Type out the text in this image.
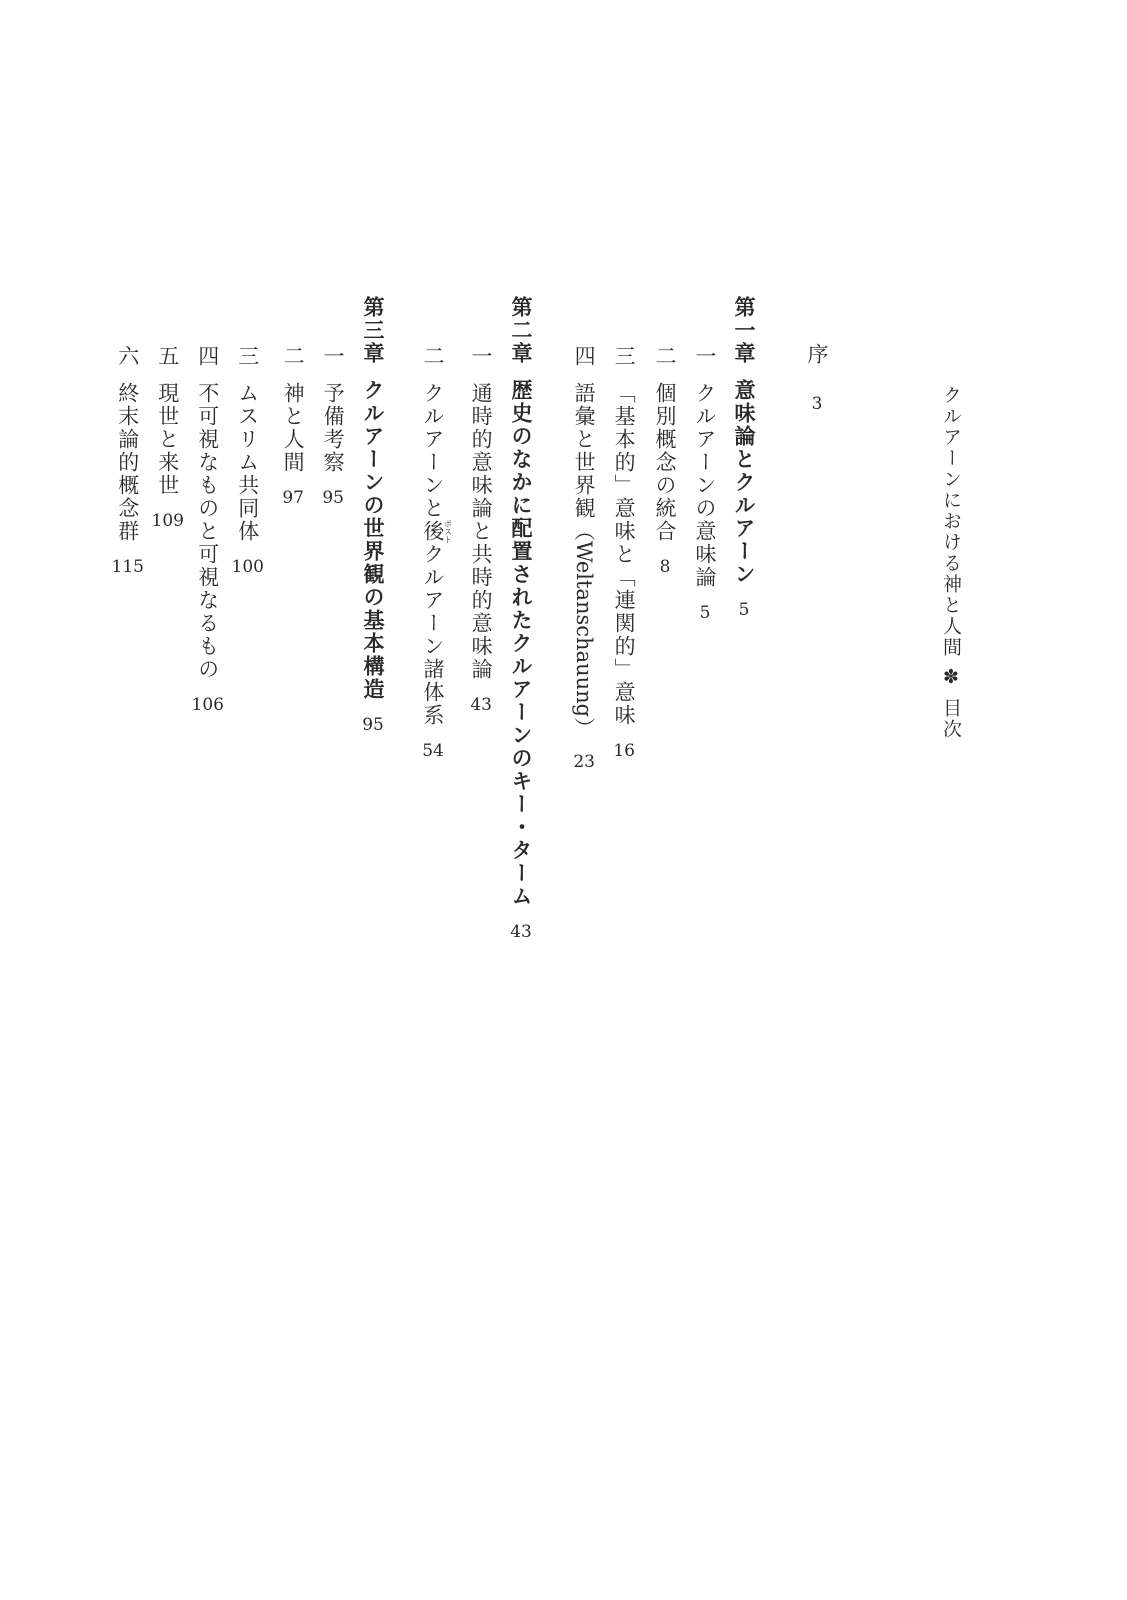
クルアーンにおける神と人間✽目次
序3
第一章意味論とクルアーン5
一クルアーンの意味論5
二個別概念の統合8
三「基本的」意味と「連関的」意味16
四語彙と世界観（Weltanschauung）23
第二章歴史のなかに配置されたクルアーンのキー・ターム43
一通時的意味論と共時的意味論43
二クルアーンと後ポストクルアーン諸体系54
第三章クルアーンの世界観の基本構造95
一予備考察95
二神と人間97
三ムスリム共同体100
四不可視なものと可視なるもの106
五現世と来世109
六終末論的概念群115
